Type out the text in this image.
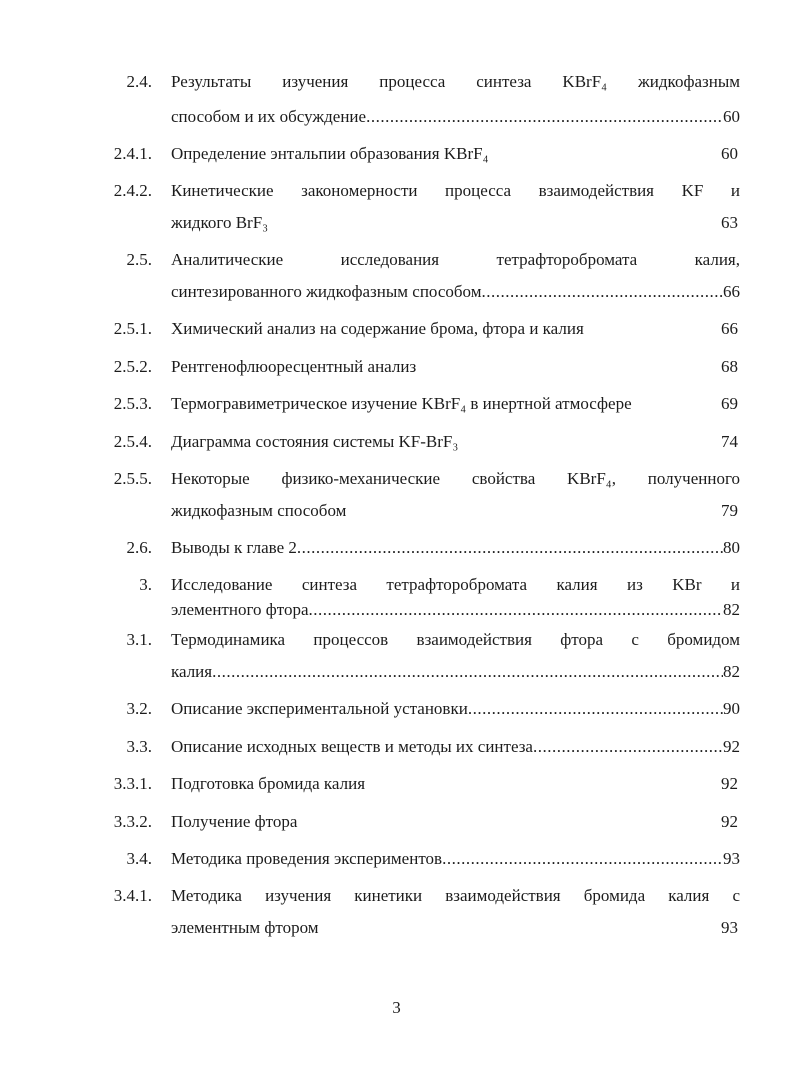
2.4. Результаты изучения процесса синтеза KBrF₄ жидкофазным
способом и их обсуждение .....	60
2.4.1. Определение энтальпии образования KBrF₄	60
2.4.2. Кинетические закономерности процесса взаимодействия KF и
жидкого BrF₃	63
2.5. Аналитические исследования тетрафторобромата калия,
синтезированного жидкофазным способом .....	66
2.5.1. Химический анализ на содержание брома, фтора и калия	66
2.5.2. Рентгенофлюоресцентный анализ	68
2.5.3. Термогравиметрическое изучение KBrF₄ в инертной атмосфере	69
2.5.4. Диаграмма состояния системы KF-BrF₃	74
2.5.5. Некоторые физико-механические свойства KBrF₄, полученного
жидкофазным способом	79
2.6. Выводы к главе 2 .....	80
3. Исследование синтеза тетрафторобромата калия из KBr и
элементного фтора .....	82
3.1. Термодинамика процессов взаимодействия фтора с бромидом
калия .....	82
3.2. Описание экспериментальной установки .....	90
3.3. Описание исходных веществ и методы их синтеза .....	92
3.3.1. Подготовка бромида калия	92
3.3.2. Получение фтора	92
3.4. Методика проведения экспериментов .....	93
3.4.1. Методика изучения кинетики взаимодействия бромида калия с
элементным фтором	93
3
